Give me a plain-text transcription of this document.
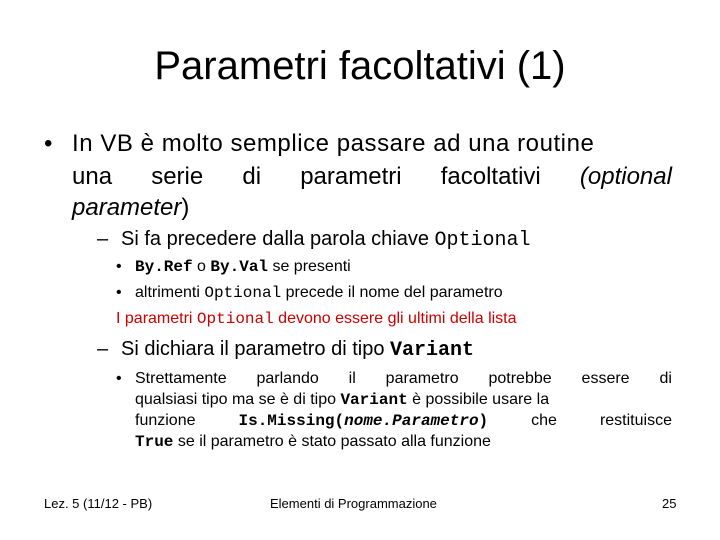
Parametri facoltativi (1)
• In VB è molto semplice passare ad una routine
una serie di parametri facoltativi (optional
parameter)
– Si fa precedere dalla parola chiave Optional
• By.Ref o By.Val se presenti
• altrimenti Optional precede il nome del parametro
I parametri Optional devono essere gli ultimi della lista
– Si dichiara il parametro di tipo Variant
• Strettamente parlando il parametro potrebbe essere di
qualsiasi tipo ma se è di tipo Variant è possibile usare la
funzione	Is.Missing(nome.Parametro)	che	restituisce
True se il parametro è stato passato alla funzione
Lez. 5 (11/12 - PB)	Elementi di Programmazione	25
